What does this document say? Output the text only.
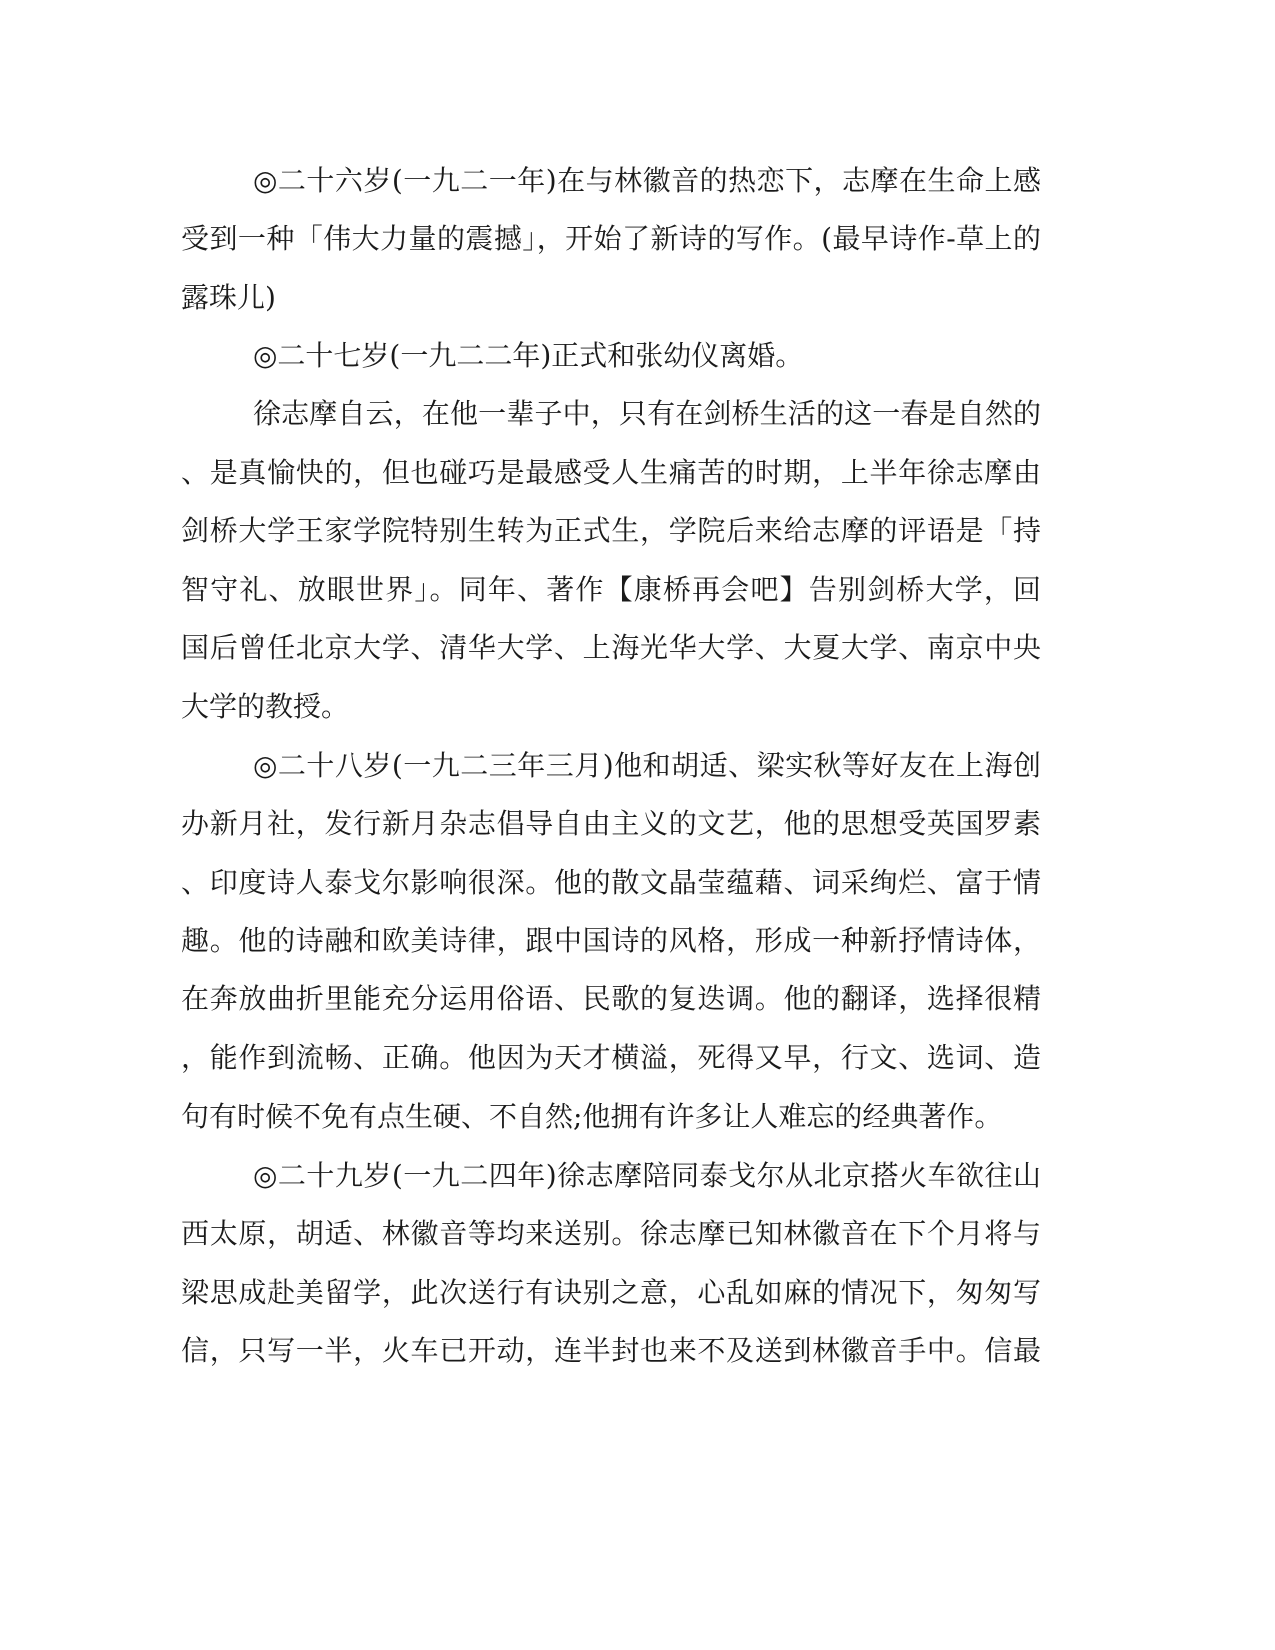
◎二十六岁(一九二一年)在与林徽音的热恋下，志摩在生命上感
受到一种「伟大力量的震撼」，开始了新诗的写作。(最早诗作-草上的
露珠儿)
◎二十七岁(一九二二年)正式和张幼仪离婚。
徐志摩自云，在他一辈子中，只有在剑桥生活的这一春是自然的
、是真愉快的，但也碰巧是最感受人生痛苦的时期，上半年徐志摩由
剑桥大学王家学院特别生转为正式生，学院后来给志摩的评语是「持
智守礼、放眼世界」。同年、著作【康桥再会吧】告别剑桥大学，回
国后曾任北京大学、清华大学、上海光华大学、大夏大学、南京中央
大学的教授。
◎二十八岁(一九二三年三月)他和胡适、梁实秋等好友在上海创
办新月社，发行新月杂志倡导自由主义的文艺，他的思想受英国罗素
、印度诗人泰戈尔影响很深。他的散文晶莹蕴藉、词采绚烂、富于情
趣。他的诗融和欧美诗律，跟中国诗的风格，形成一种新抒情诗体，
在奔放曲折里能充分运用俗语、民歌的复迭调。他的翻译，选择很精
，能作到流畅、正确。他因为天才横溢，死得又早，行文、选词、造
句有时候不免有点生硬、不自然;他拥有许多让人难忘的经典著作。
◎二十九岁(一九二四年)徐志摩陪同泰戈尔从北京搭火车欲往山
西太原，胡适、林徽音等均来送别。徐志摩已知林徽音在下个月将与
梁思成赴美留学，此次送行有诀别之意，心乱如麻的情况下，匆匆写
信，只写一半，火车已开动，连半封也来不及送到林徽音手中。信最
